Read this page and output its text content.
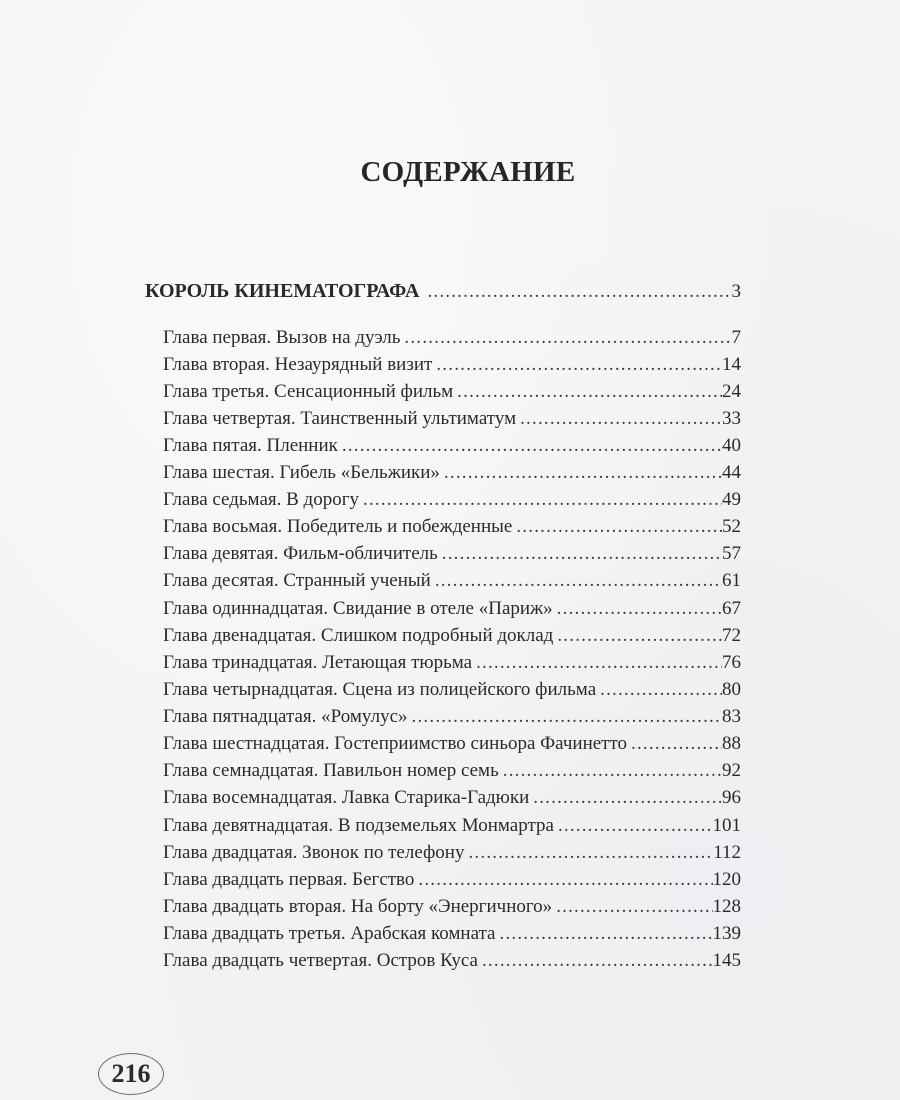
СОДЕРЖАНИЕ
КОРОЛЬ КИНЕМАТОГРАФА .....	3
Глава первая. Вызов на дуэль .....	7
Глава вторая. Незаурядный визит .....	14
Глава третья. Сенсационный фильм .....	24
Глава четвертая. Таинственный ультиматум .....	33
Глава пятая. Пленник .....	40
Глава шестая. Гибель «Бельжики» .....	44
Глава седьмая. В дорогу .....	49
Глава восьмая. Победитель и побежденные .....	52
Глава девятая. Фильм-обличитель .....	57
Глава десятая. Странный ученый .....	61
Глава одиннадцатая. Свидание в отеле «Париж» .....	67
Глава двенадцатая. Слишком подробный доклад .....	72
Глава тринадцатая. Летающая тюрьма .....	76
Глава четырнадцатая. Сцена из полицейского фильма .....	80
Глава пятнадцатая. «Ромулус» .....	83
Глава шестнадцатая. Гостеприимство синьора Фачинетто .....	88
Глава семнадцатая. Павильон номер семь .....	92
Глава восемнадцатая. Лавка Старика-Гадюки .....	96
Глава девятнадцатая. В подземельях Монмартра .....	101
Глава двадцатая. Звонок по телефону .....	112
Глава двадцать первая. Бегство .....	120
Глава двадцать вторая. На борту «Энергичного» .....	128
Глава двадцать третья. Арабская комната .....	139
Глава двадцать четвертая. Остров Куса .....	145
216
